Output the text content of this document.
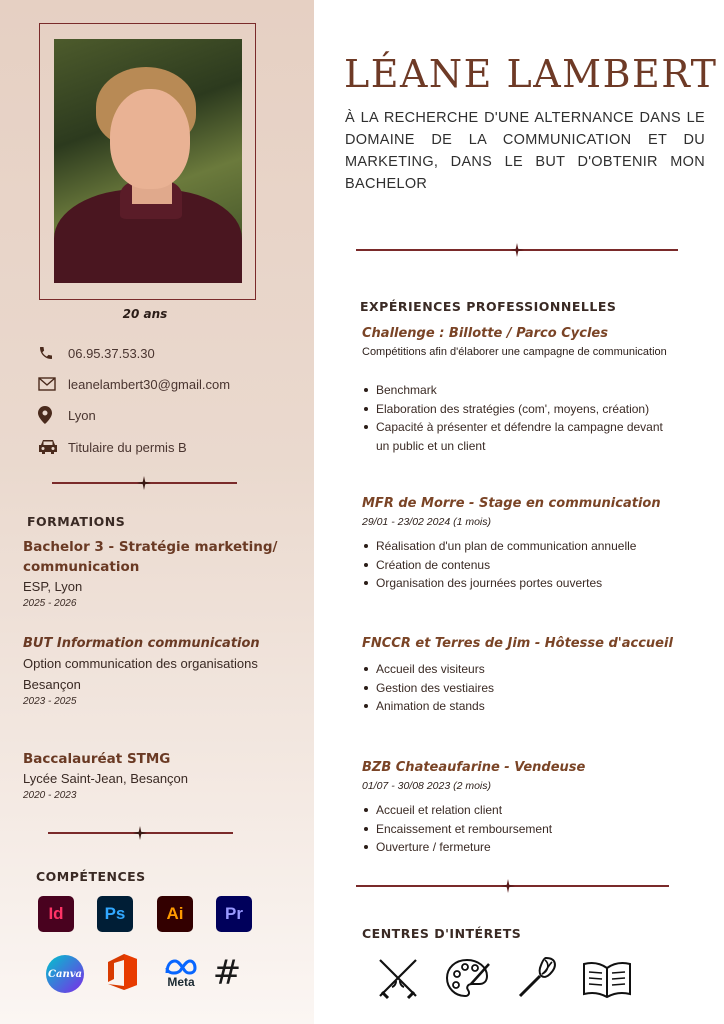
20 ans
06.95.37.53.30
leanelambert30@gmail.com
Lyon
Titulaire du permis B
FORMATIONS
Bachelor 3 - Stratégie marketing/
communication
ESP, Lyon
2025 - 2026
BUT Information communication
Option communication des organisations
Besançon
2023 - 2025
Baccalauréat STMG
Lycée Saint-Jean, Besançon
2020 - 2023
COMPÉTENCES
Id	Ps	Ai	Pr
Canva
Meta #
LÉANE LAMBERT
À LA RECHERCHE D'UNE ALTERNANCE DANS LE DOMAINE DE LA COMMUNICATION ET DU MARKETING, DANS LE BUT D'OBTENIR MON BACHELOR
EXPÉRIENCES PROFESSIONNELLES
Challenge : Billotte / Parco Cycles
Compétitions afin d'élaborer une campagne de communication
Benchmark
Elaboration des stratégies (com', moyens, création)
Capacité à présenter et défendre la campagne devant un public et un client
MFR de Morre - Stage en communication
29/01 - 23/02 2024 (1 mois)
Réalisation d'un plan de communication annuelle
Création de contenus
Organisation des journées portes ouvertes
FNCCR et Terres de Jim - Hôtesse d'accueil
Accueil des visiteurs
Gestion des vestiaires
Animation de stands
BZB Chateaufarine - Vendeuse
01/07 - 30/08 2023 (2 mois)
Accueil et relation client
Encaissement et remboursement
Ouverture / fermeture
CENTRES D'INTÉRETS
